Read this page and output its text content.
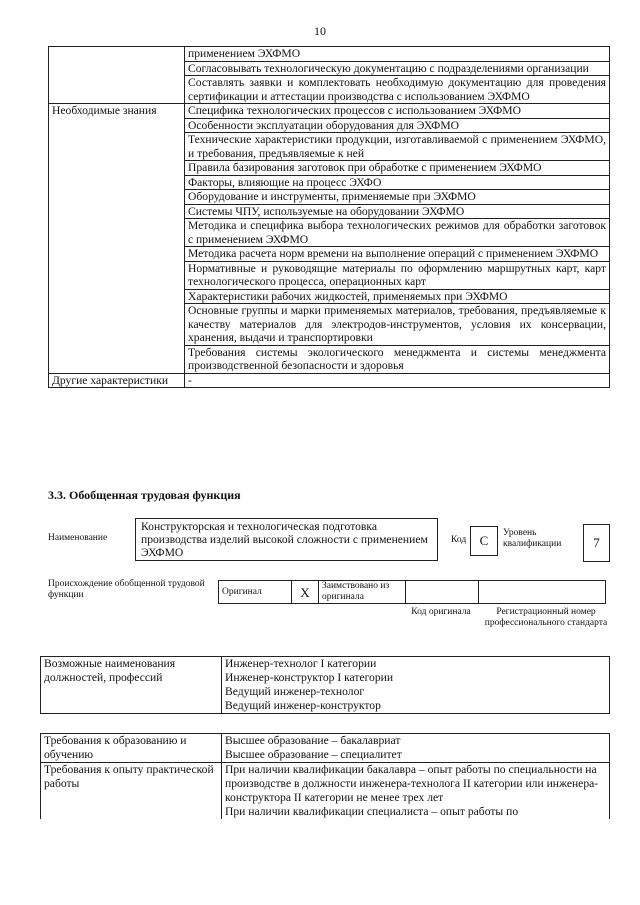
10
	применением ЭХФМО
	Согласовывать технологическую документацию с подразделениями организации
	Составлять заявки и комплектовать необходимую документацию для проведения сертификации и аттестации производства с использованием ЭХФМО
Необходимые знания	Специфика технологических процессов с использованием ЭХФМО
	Особенности эксплуатации оборудования для ЭХФМО
	Технические характеристики продукции, изготавливаемой с применением ЭХФМО, и требования, предъявляемые к ней
	Правила базирования заготовок при обработке с применением ЭХФМО
	Факторы, влияющие на процесс ЭХФО
	Оборудование и инструменты, применяемые при ЭХФМО
	Системы ЧПУ, используемые на оборудовании ЭХФМО
	Методика и специфика выбора технологических режимов для обработки заготовок с применением ЭХФМО
	Методика расчета норм времени на выполнение операций с применением ЭХФМО
	Нормативные и руководящие материалы по оформлению маршрутных карт, карт технологического процесса, операционных карт
	Характеристики рабочих жидкостей, применяемых при ЭХФМО
	Основные группы и марки применяемых материалов, требования, предъявляемые к качеству материалов для электродов-инструментов, условия их консервации, хранения, выдачи и транспортировки
	Требования системы экологического менеджмента и системы менеджмента производственной безопасности и здоровья
Другие характеристики	-
3.3. Обобщенная трудовая функция
Наименование
Конструкторская и технологическая подготовка производства изделий высокой сложности с применением ЭХФМО
Код	С	Уровень квалификации	7
Происхождение обобщенной трудовой функции	Оригинал	X	Заимствовано из оригинала		
Код оригинала	Регистрационный номер профессионального стандарта
Возможные наименования должностей, профессий	
Инженер-технолог I категории
Инженер-конструктор I категории
Ведущий инженер-технолог
Ведущий инженер-конструктор
Требования к образованию и обучению	Высшее образование – бакалавриат
Высшее образование – специалитет

Требования к опыту практической работы	При наличии квалификации бакалавра – опыт работы по специальности на производстве в должности инженера-технолога II категории или инженера-конструктора II категории не менее трех лет
При наличии квалификации специалиста – опыт работы по
